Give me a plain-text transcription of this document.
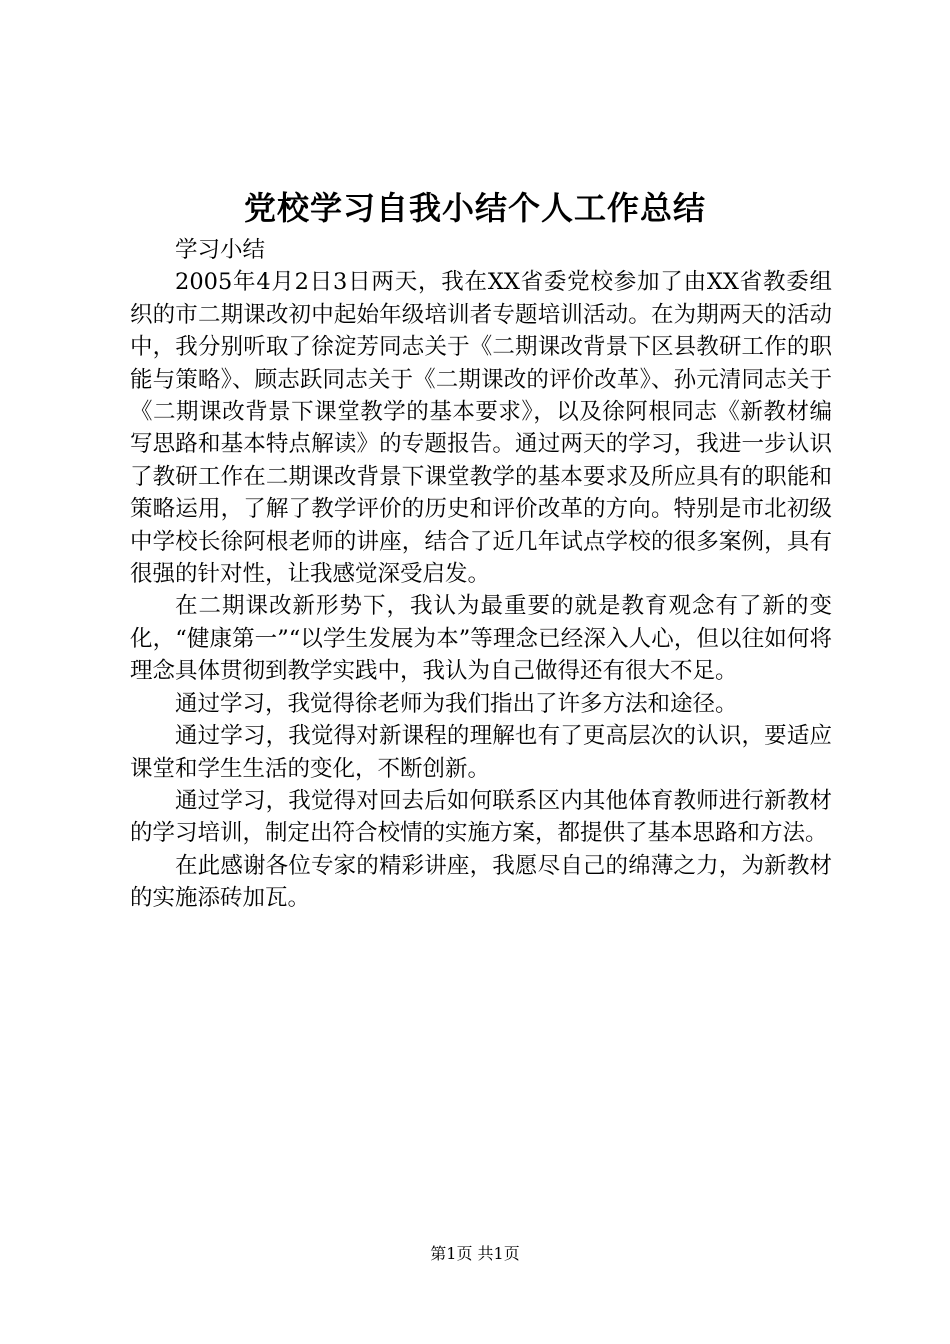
党校学习自我小结个人工作总结

学习小结

2005年4月2日3日两天，我在XX省委党校参加了由XX省教委组织的市二期课改初中起始年级培训者专题培训活动。在为期两天的活动中，我分别听取了徐淀芳同志关于《二期课改背景下区县教研工作的职能与策略》、顾志跃同志关于《二期课改的评价改革》、孙元清同志关于《二期课改背景下课堂教学的基本要求》，以及徐阿根同志《新教材编写思路和基本特点解读》的专题报告。通过两天的学习，我进一步认识了教研工作在二期课改背景下课堂教学的基本要求及所应具有的职能和策略运用，了解了教学评价的历史和评价改革的方向。特别是市北初级中学校长徐阿根老师的讲座，结合了近几年试点学校的很多案例，具有很强的针对性，让我感觉深受启发。

在二期课改新形势下，我认为最重要的就是教育观念有了新的变化，“健康第一”“以学生发展为本”等理念已经深入人心，但以往如何将理念具体贯彻到教学实践中，我认为自己做得还有很大不足。

通过学习，我觉得徐老师为我们指出了许多方法和途径。

通过学习，我觉得对新课程的理解也有了更高层次的认识，要适应课堂和学生生活的变化，不断创新。

通过学习，我觉得对回去后如何联系区内其他体育教师进行新教材的学习培训，制定出符合校情的实施方案，都提供了基本思路和方法。

在此感谢各位专家的精彩讲座，我愿尽自己的绵薄之力，为新教材的实施添砖加瓦。

第1页 共1页
